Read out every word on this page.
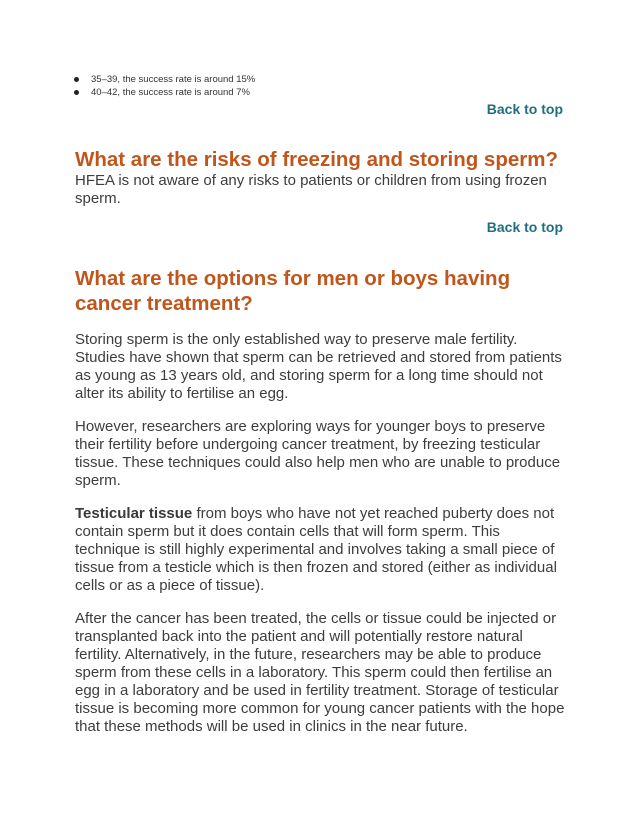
35–39, the success rate is around 15%
40–42, the success rate is around 7%
Back to top
What are the risks of freezing and storing sperm?

HFEA is not aware of any risks to patients or children from using frozen sperm.

Back to top
What are the options for men or boys having cancer treatment?

Storing sperm is the only established way to preserve male fertility. Studies have shown that sperm can be retrieved and stored from patients as young as 13 years old, and storing sperm for a long time should not alter its ability to fertilise an egg.

However, researchers are exploring ways for younger boys to preserve their fertility before undergoing cancer treatment, by freezing testicular tissue. These techniques could also help men who are unable to produce sperm.

Testicular tissue from boys who have not yet reached puberty does not contain sperm but it does contain cells that will form sperm. This technique is still highly experimental and involves taking a small piece of tissue from a testicle which is then frozen and stored (either as individual cells or as a piece of tissue).

After the cancer has been treated, the cells or tissue could be injected or transplanted back into the patient and will potentially restore natural fertility. Alternatively, in the future, researchers may be able to produce sperm from these cells in a laboratory. This sperm could then fertilise an egg in a laboratory and be used in fertility treatment. Storage of testicular tissue is becoming more common for young cancer patients with the hope that these methods will be used in clinics in the near future.
